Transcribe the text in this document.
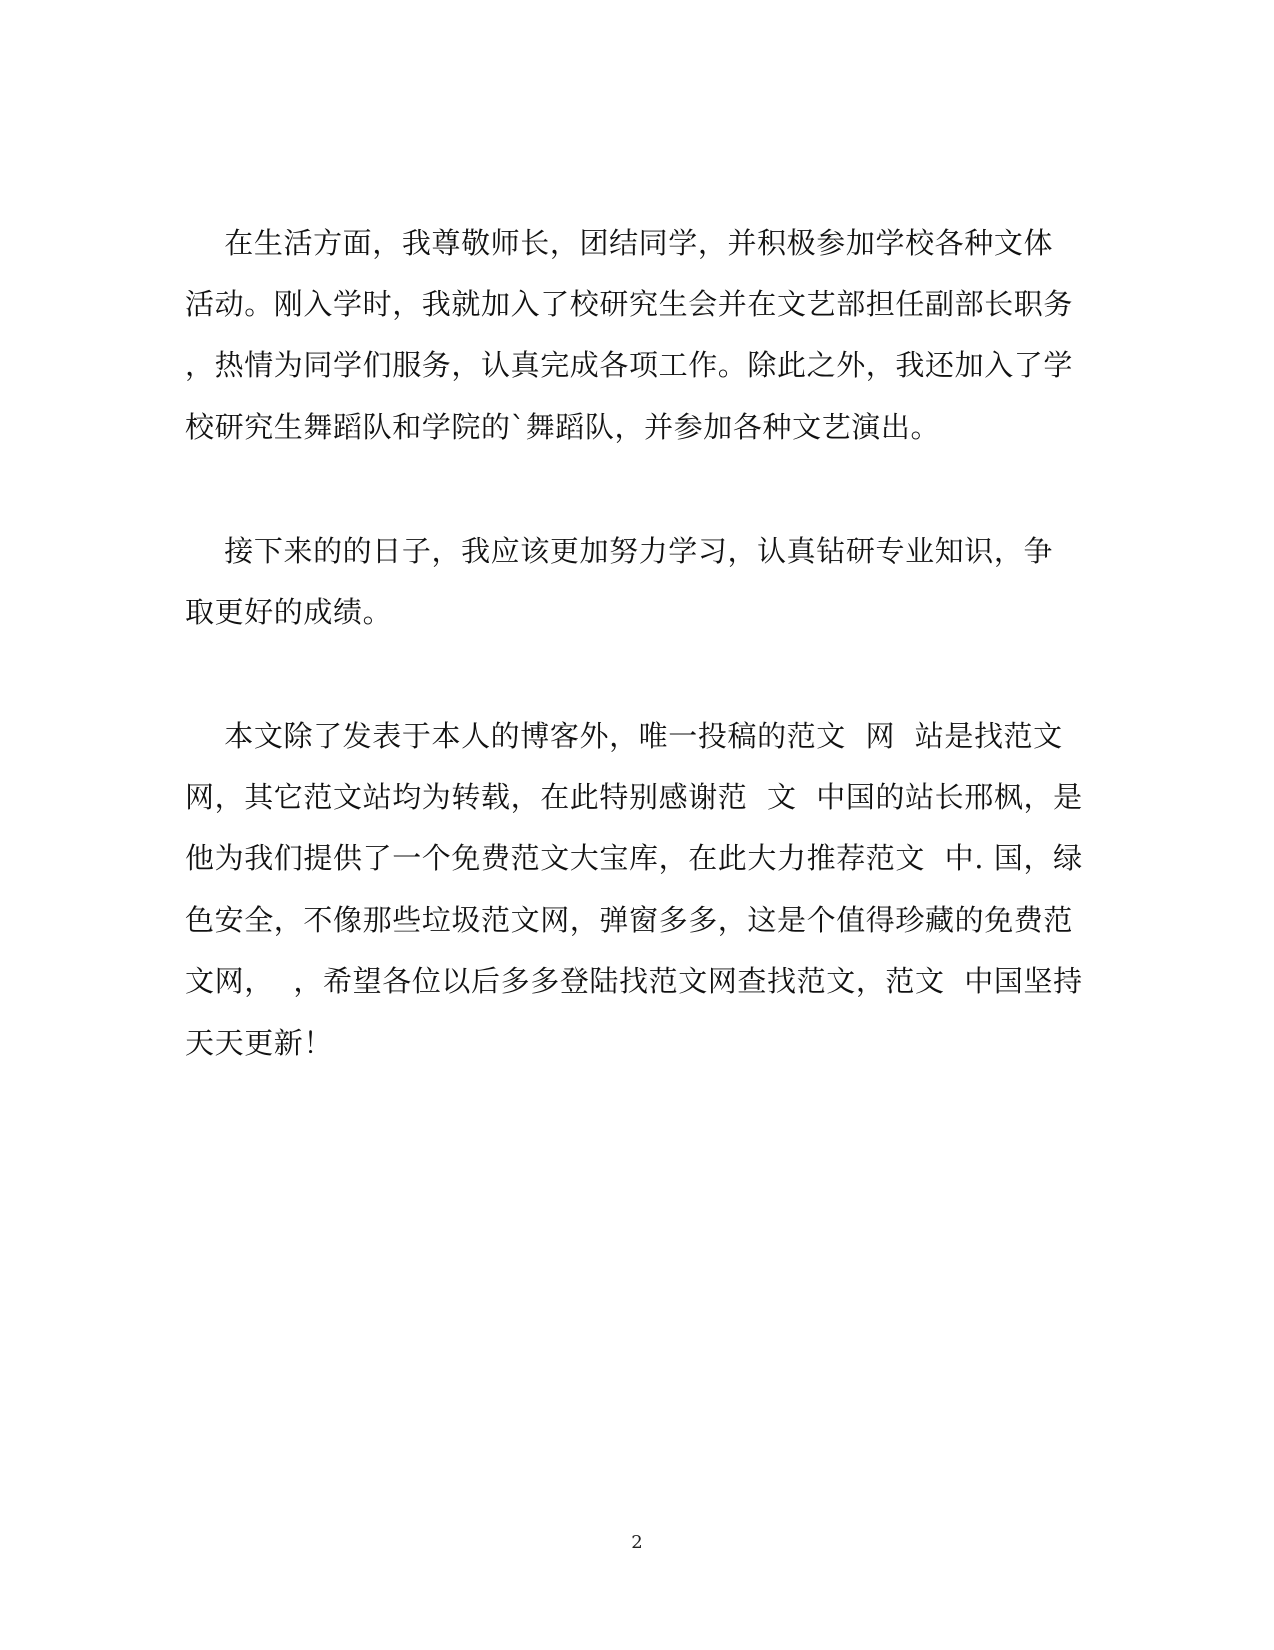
在生活方面，我尊敬师长，团结同学，并积极参加学校各种文体
活动。刚入学时，我就加入了校研究生会并在文艺部担任副部长职务
，热情为同学们服务，认真完成各项工作。除此之外，我还加入了学
校研究生舞蹈队和学院的`舞蹈队，并参加各种文艺演出。
接下来的的日子，我应该更加努力学习，认真钻研专业知识，争
取更好的成绩。
本文除了发表于本人的博客外，唯一投稿的范文  网  站是找范文
网，其它范文站均为转载，在此特别感谢范  文  中国的站长邢枫，是
他为我们提供了一个免费范文大宝库，在此大力推荐范文  中. 国，绿
色安全，不像那些垃圾范文网，弹窗多多，这是个值得珍藏的免费范
文网，  ，希望各位以后多多登陆找范文网查找范文，范文  中国坚持
天天更新！
2
